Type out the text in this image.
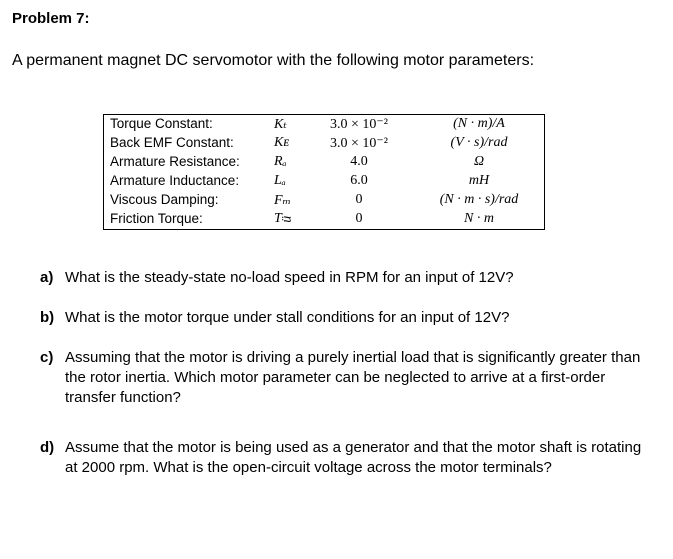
Problem 7:
A permanent magnet DC servomotor with the following motor parameters:
Torque Constant:	Kₜ	3.0 × 10⁻²	(N · m)/A
Back EMF Constant:	Kᴇ	3.0 × 10⁻²	(V · s)/rad
Armature Resistance: Rₐ	4.0	Ω
Armature Inductance: Lₐ	6.0	mH
Viscous Damping:	Fₘ	0	(N · m · s)/rad
Friction Torque:	Tᴞ	0	N · m
a) What is the steady-state no-load speed in RPM for an input of 12V?
b) What is the motor torque under stall conditions for an input of 12V?
c) Assuming that the motor is driving a purely inertial load that is significantly greater than the rotor inertia. Which motor parameter can be neglected to arrive at a first-order transfer function?
d) Assume that the motor is being used as a generator and that the motor shaft is rotating at 2000 rpm. What is the open-circuit voltage across the motor terminals?
